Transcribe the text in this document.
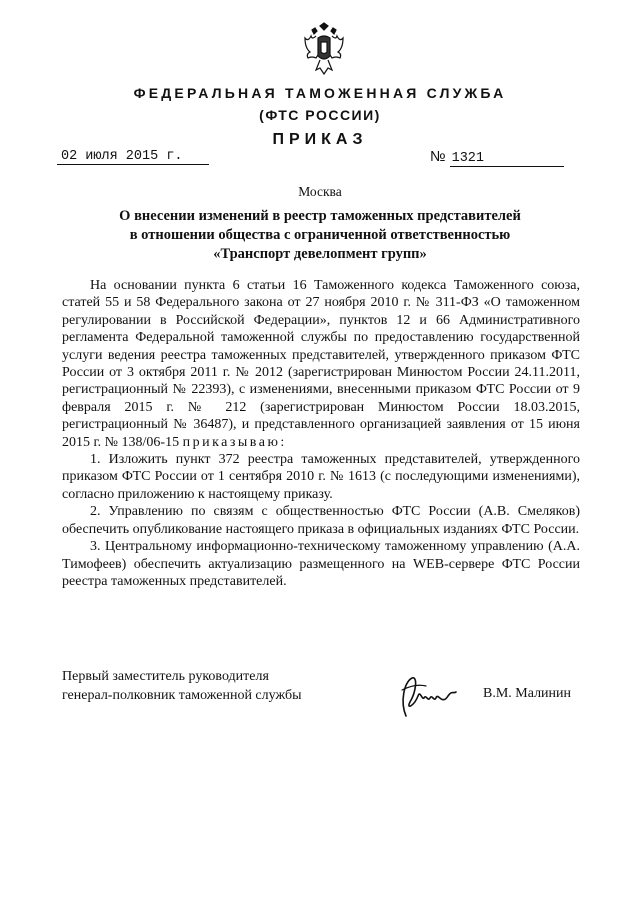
ФЕДЕРАЛЬНАЯ ТАМОЖЕННАЯ СЛУЖБА
(ФТС РОССИИ)
ПРИКАЗ
02 июля 2015 г.	№ 1321
Москва
О внесении изменений в реестр таможенных представителей
в отношении общества с ограниченной ответственностью
«Транспорт девелопмент групп»

На основании пункта 6 статьи 16 Таможенного кодекса Таможенного союза, статей 55 и 58 Федерального закона от 27 ноября 2010 г. № 311-ФЗ «О таможенном регулировании в Российской Федерации», пунктов 12 и 66 Административного регламента Федеральной таможенной службы по предоставлению государственной услуги ведения реестра таможенных представителей, утвержденного приказом ФТС России от 3 октября 2011 г. № 2012 (зарегистрирован Минюстом России 24.11.2011, регистрационный № 22393), с изменениями, внесенными приказом ФТС России от 9 февраля 2015 г. № 212 (зарегистрирован Минюстом России 18.03.2015, регистрационный № 36487), и представленного организацией заявления от 15 июня 2015 г. № 138/06-15 приказываю:

1. Изложить пункт 372 реестра таможенных представителей, утвержденного приказом ФТС России от 1 сентября 2010 г. № 1613 (с последующими изменениями), согласно приложению к настоящему приказу.

2. Управлению по связям с общественностью ФТС России (А.В. Смеляков) обеспечить опубликование настоящего приказа в официальных изданиях ФТС России.

3. Центральному информационно-техническому таможенному управлению (А.А. Тимофеев) обеспечить актуализацию размещенного на WEB-сервере ФТС России реестра таможенных представителей.

Первый заместитель руководителя
генерал-полковник таможенной службы	В.М. Малинин
